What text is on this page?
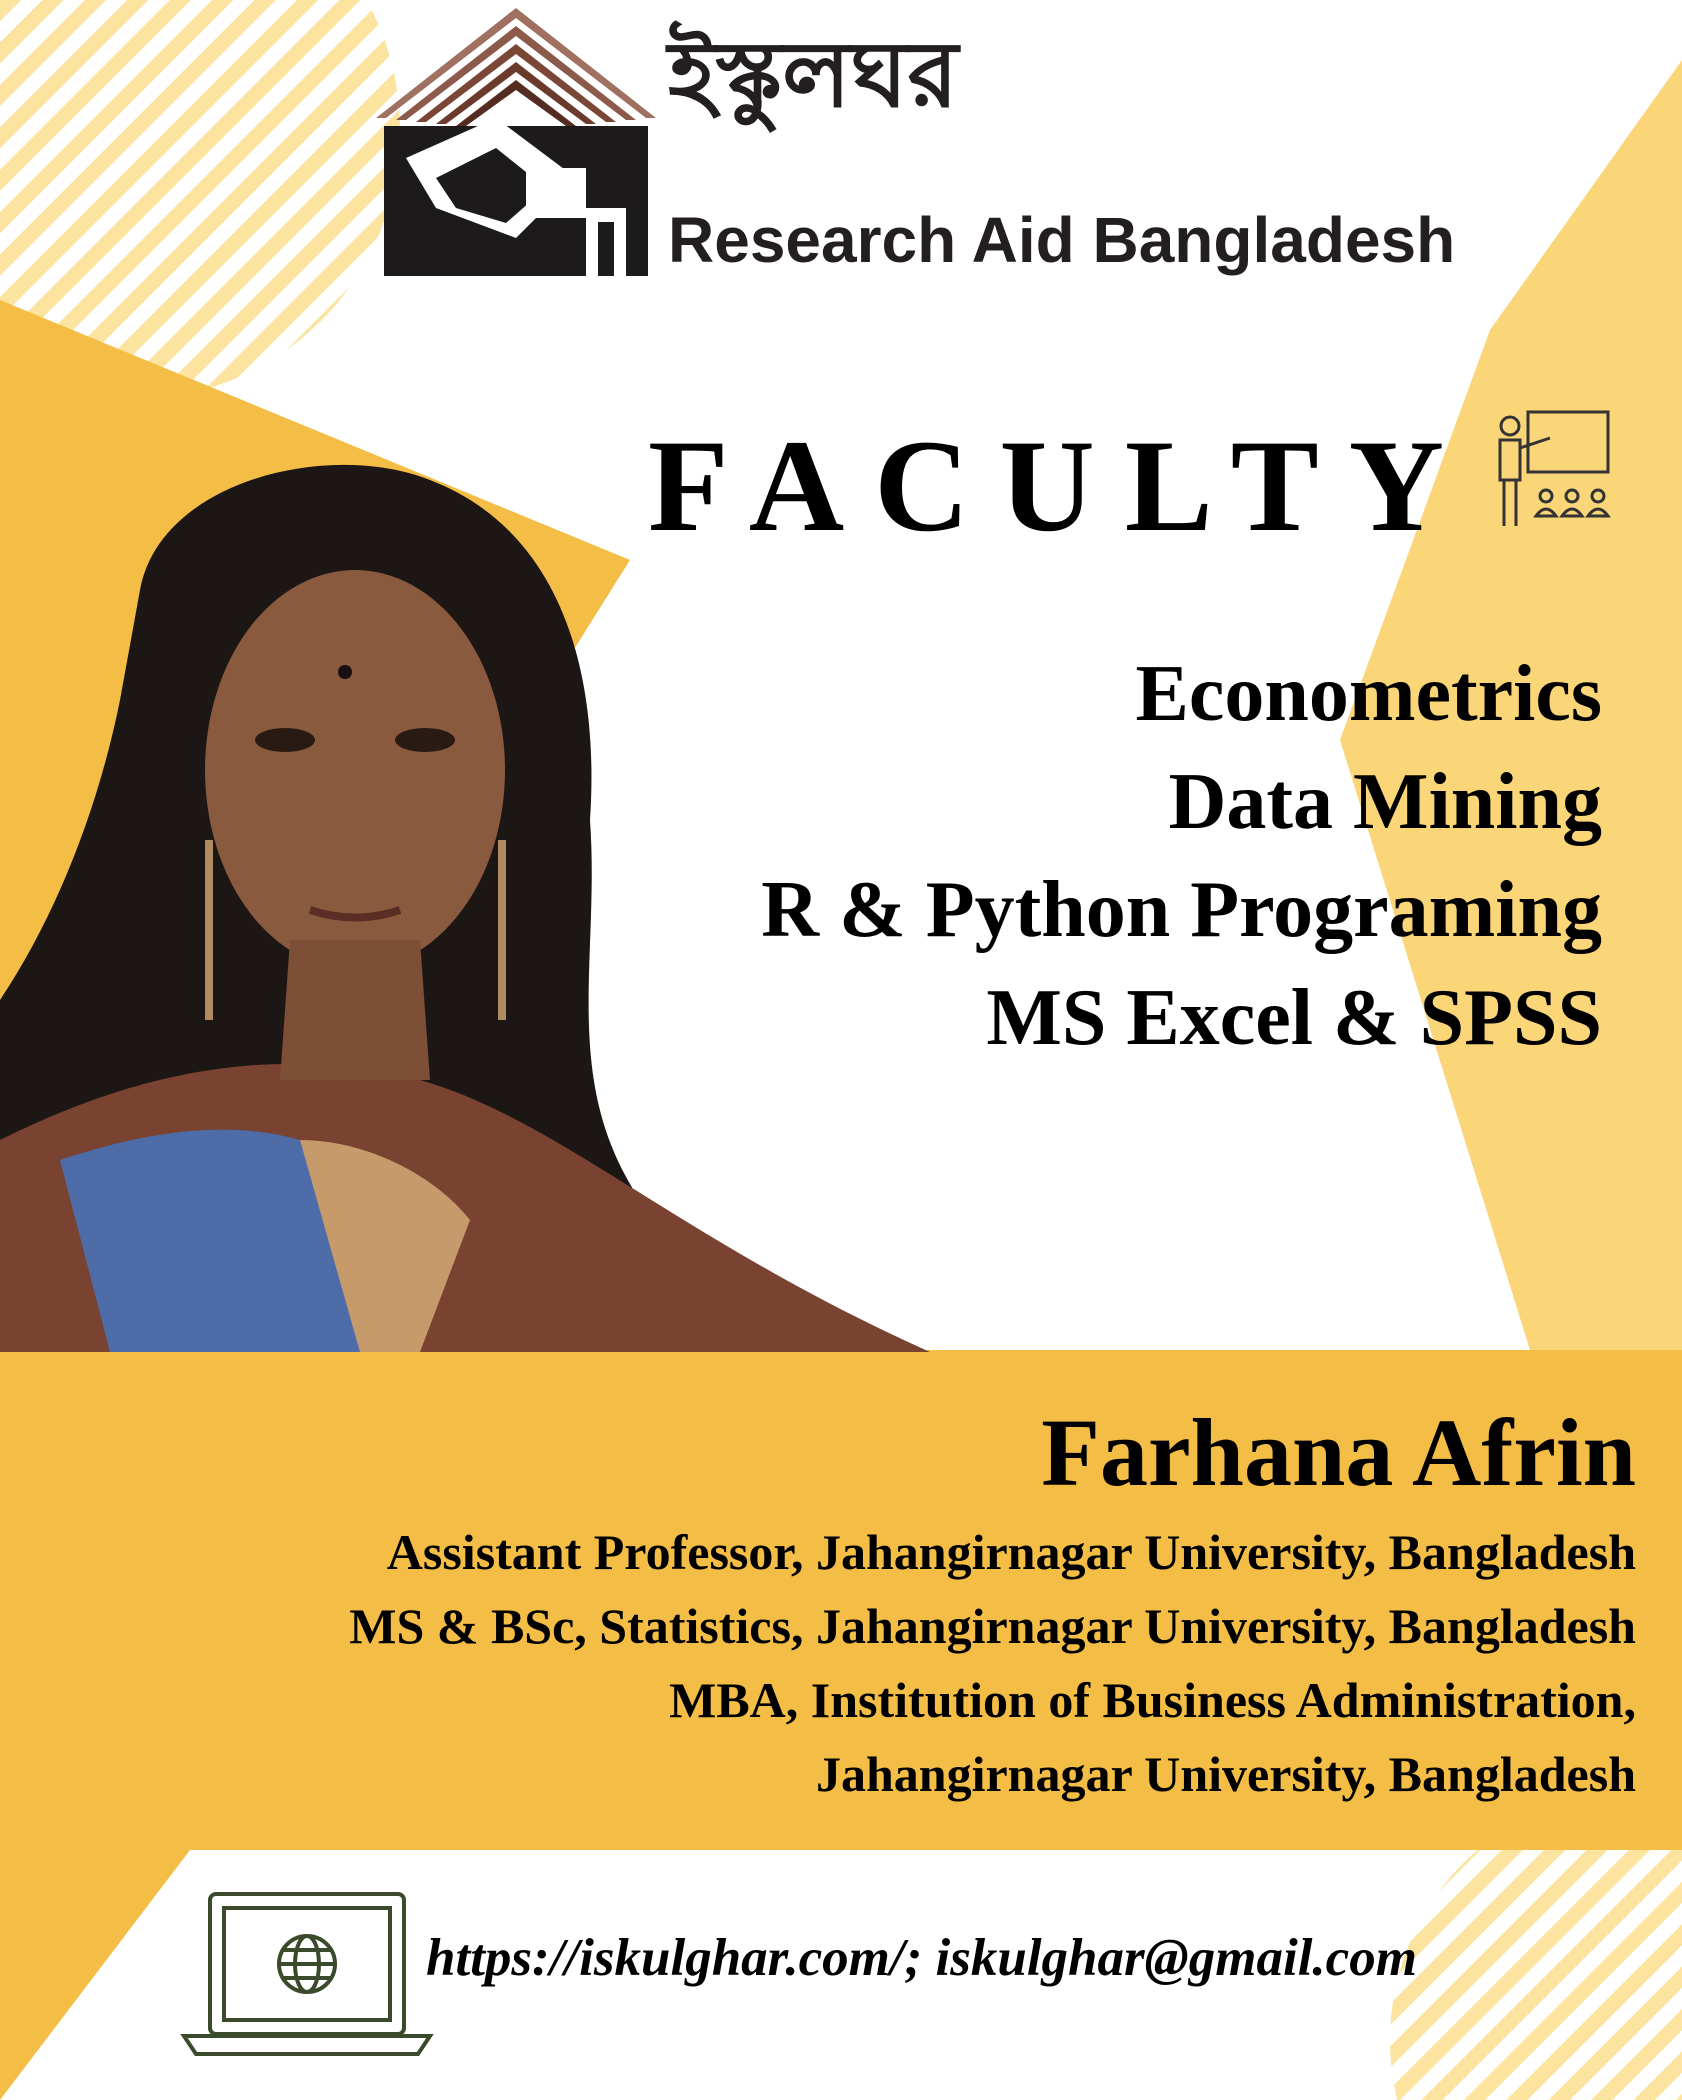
ইস্কুলঘর
Research Aid Bangladesh
FACULTY
Econometrics
Data Mining
R & Python Programing
MS Excel & SPSS
Farhana Afrin
Assistant Professor, Jahangirnagar University, Bangladesh
MS & BSc, Statistics, Jahangirnagar University, Bangladesh
MBA, Institution of Business Administration,
Jahangirnagar University, Bangladesh
https://iskulghar.com/; iskulghar@gmail.com
